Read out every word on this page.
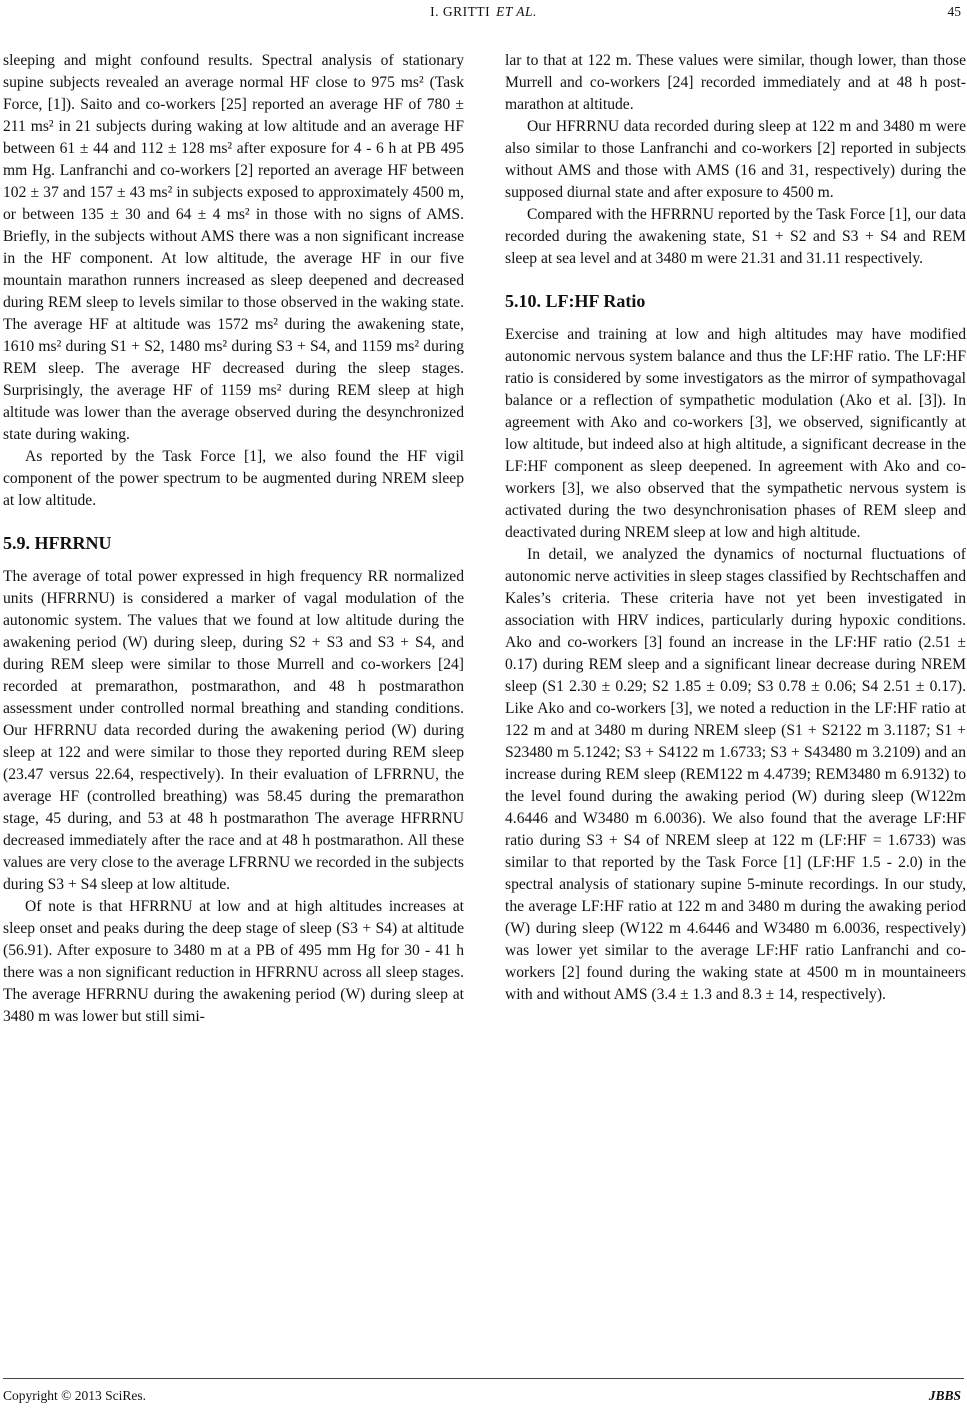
I. GRITTI ET AL.	45

sleeping and might confound results. Spectral analysis of stationary supine subjects revealed an average normal HF close to 975 ms² (Task Force, [1]). Saito and co-workers [25] reported an average HF of 780 ± 211 ms² in 21 subjects during waking at low altitude and an average HF between 61 ± 44 and 112 ± 128 ms² after exposure for 4 - 6 h at PB 495 mm Hg. Lanfranchi and co-workers [2] reported an average HF between 102 ± 37 and 157 ± 43 ms² in subjects exposed to approximately 4500 m, or between 135 ± 30 and 64 ± 4 ms² in those with no signs of AMS. Briefly, in the subjects without AMS there was a non significant increase in the HF component. At low altitude, the average HF in our five mountain marathon runners increased as sleep deepened and decreased during REM sleep to levels similar to those observed in the waking state. The average HF at altitude was 1572 ms² during the awakening state, 1610 ms² during S1 + S2, 1480 ms² during S3 + S4, and 1159 ms² during REM sleep. The average HF decreased during the sleep stages. Surprisingly, the average HF of 1159 ms² during REM sleep at high altitude was lower than the average observed during the desynchronized state during waking.

As reported by the Task Force [1], we also found the HF vigil component of the power spectrum to be augmented during NREM sleep at low altitude.

5.9. HFRRNU

The average of total power expressed in high frequency RR normalized units (HFRRNU) is considered a marker of vagal modulation of the autonomic system. The values that we found at low altitude during the awakening period (W) during sleep, during S2 + S3 and S3 + S4, and during REM sleep were similar to those Murrell and co-workers [24] recorded at premarathon, postmarathon, and 48 h postmarathon assessment under controlled normal breathing and standing conditions. Our HFRRNU data recorded during the awakening period (W) during sleep at 122 and were similar to those they reported during REM sleep (23.47 versus 22.64, respectively). In their evaluation of LFRRNU, the average HF (controlled breathing) was 58.45 during the premarathon stage, 45 during, and 53 at 48 h postmarathon The average HFRRNU decreased immediately after the race and at 48 h postmarathon. All these values are very close to the average LFRRNU we recorded in the subjects during S3 + S4 sleep at low altitude.

Of note is that HFRRNU at low and at high altitudes increases at sleep onset and peaks during the deep stage of sleep (S3 + S4) at altitude (56.91). After exposure to 3480 m at a PB of 495 mm Hg for 30 - 41 h there was a non significant reduction in HFRRNU across all sleep stages. The average HFRRNU during the awakening period (W) during sleep at 3480 m was lower but still simi-

lar to that at 122 m. These values were similar, though lower, than those Murrell and co-workers [24] recorded immediately and at 48 h post-marathon at altitude.

Our HFRRNU data recorded during sleep at 122 m and 3480 m were also similar to those Lanfranchi and co-workers [2] reported in subjects without AMS and those with AMS (16 and 31, respectively) during the supposed diurnal state and after exposure to 4500 m.

Compared with the HFRRNU reported by the Task Force [1], our data recorded during the awakening state, S1 + S2 and S3 + S4 and REM sleep at sea level and at 3480 m were 21.31 and 31.11 respectively.

5.10. LF:HF Ratio

Exercise and training at low and high altitudes may have modified autonomic nervous system balance and thus the LF:HF ratio. The LF:HF ratio is considered by some investigators as the mirror of sympathovagal balance or a reflection of sympathetic modulation (Ako et al. [3]). In agreement with Ako and co-workers [3], we observed, significantly at low altitude, but indeed also at high altitude, a significant decrease in the LF:HF component as sleep deepened. In agreement with Ako and co-workers [3], we also observed that the sympathetic nervous system is activated during the two desynchronisation phases of REM sleep and deactivated during NREM sleep at low and high altitude.

In detail, we analyzed the dynamics of nocturnal fluctuations of autonomic nerve activities in sleep stages classified by Rechtschaffen and Kales’s criteria. These criteria have not yet been investigated in association with HRV indices, particularly during hypoxic conditions. Ako and co-workers [3] found an increase in the LF:HF ratio (2.51 ± 0.17) during REM sleep and a significant linear decrease during NREM sleep (S1 2.30 ± 0.29; S2 1.85 ± 0.09; S3 0.78 ± 0.06; S4 2.51 ± 0.17). Like Ako and co-workers [3], we noted a reduction in the LF:HF ratio at 122 m and at 3480 m during NREM sleep (S1 + S2122 m 3.1187; S1 + S23480 m 5.1242; S3 + S4122 m 1.6733; S3 + S43480 m 3.2109) and an increase during REM sleep (REM122 m 4.4739; REM3480 m 6.9132) to the level found during the awaking period (W) during sleep (W122m 4.6446 and W3480 m 6.0036). We also found that the average LF:HF ratio during S3 + S4 of NREM sleep at 122 m (LF:HF = 1.6733) was similar to that reported by the Task Force [1] (LF:HF 1.5 - 2.0) in the spectral analysis of stationary supine 5-minute recordings. In our study, the average LF:HF ratio at 122 m and 3480 m during the awaking period (W) during sleep (W122 m 4.6446 and W3480 m 6.0036, respectively) was lower yet similar to the average LF:HF ratio Lanfranchi and co-workers [2] found during the waking state at 4500 m in mountaineers with and without AMS (3.4 ± 1.3 and 8.3 ± 14, respectively).

Copyright © 2013 SciRes.	JBBS
